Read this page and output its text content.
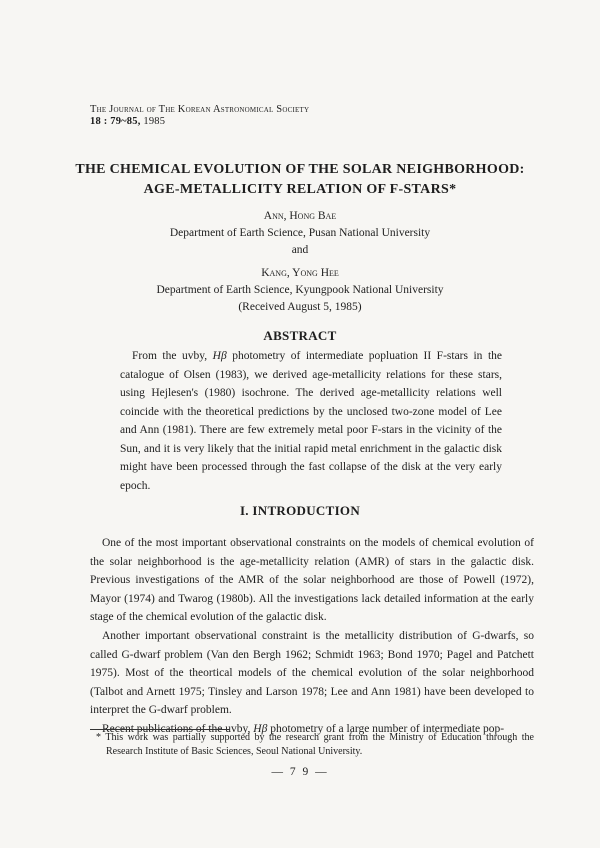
The Journal of The Korean Astronomical Society
18 : 79~85, 1985
THE CHEMICAL EVOLUTION OF THE SOLAR NEIGHBORHOOD:
AGE-METALLICITY RELATION OF F-STARS*
Ann, Hong Bae
Department of Earth Science, Pusan National University
and
Kang, Yong Hee
Department of Earth Science, Kyungpook National University
(Received August 5, 1985)
ABSTRACT

From the uvby, Hβ photometry of intermediate popluation II F-stars in the catalogue of Olsen (1983), we derived age-metallicity relations for these stars, using Hejlesen's (1980) isochrone. The derived age-metallicity relations well coincide with the theoretical predictions by the unclosed two-zone model of Lee and Ann (1981). There are few extremely metal poor F-stars in the vicinity of the Sun, and it is very likely that the initial rapid metal enrichment in the galactic disk might have been processed through the fast collapse of the disk at the very early epoch.

I. INTRODUCTION

One of the most important observational constraints on the models of chemical evolution of the solar neighborhood is the age-metallicity relation (AMR) of stars in the galactic disk. Previous investigations of the AMR of the solar neighborhood are those of Powell (1972), Mayor (1974) and Twarog (1980b). All the investigations lack detailed information at the early stage of the chemical evolution of the galactic disk.

Another important observational constraint is the metallicity distribution of G-dwarfs, so called G-dwarf problem (Van den Bergh 1962; Schmidt 1963; Bond 1970; Pagel and Patchett 1975). Most of the theortical models of the chemical evolution of the solar neighborhood (Talbot and Arnett 1975; Tinsley and Larson 1978; Lee and Ann 1981) have been developed to interpret the G-dwarf problem.

Recent publications of the uvby, Hβ photometry of a large number of intermediate pop-

* This work was partially supported by the research grant from the Ministry of Education through the Research Institute of Basic Sciences, Seoul National University.

— 7 9 —
